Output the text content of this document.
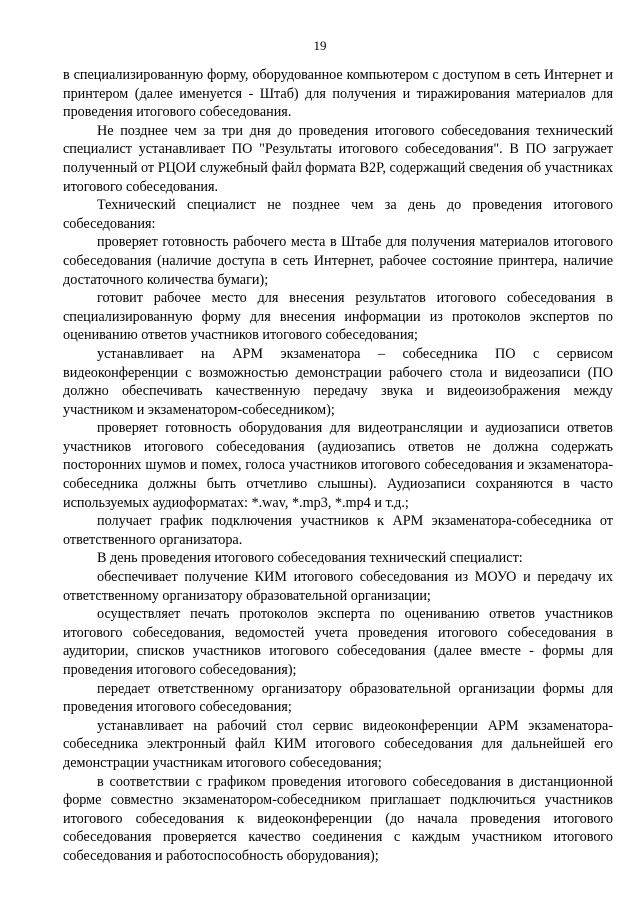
19

в специализированную форму, оборудованное компьютером с доступом в сеть Интернет и принтером (далее именуется - Штаб) для получения и тиражирования материалов для проведения итогового собеседования.

Не позднее чем за три дня до проведения итогового собеседования технический специалист устанавливает ПО "Результаты итогового собеседования". В ПО загружает полученный от РЦОИ служебный файл формата B2P, содержащий сведения об участниках итогового собеседования.

Технический специалист не позднее чем за день до проведения итогового собеседования:

проверяет готовность рабочего места в Штабе для получения материалов итогового собеседования (наличие доступа в сеть Интернет, рабочее состояние принтера, наличие достаточного количества бумаги);

готовит рабочее место для внесения результатов итогового собеседования в специализированную форму для внесения информации из протоколов экспертов по оцениванию ответов участников итогового собеседования;

устанавливает на АРМ экзаменатора – собеседника ПО с сервисом видеоконференции с возможностью демонстрации рабочего стола и видеозаписи (ПО должно обеспечивать качественную передачу звука и видеоизображения между участником и экзаменатором-собеседником);

проверяет готовность оборудования для видеотрансляции и аудиозаписи ответов участников итогового собеседования (аудиозапись ответов не должна содержать посторонних шумов и помех, голоса участников итогового собеседования и экзаменатора-собеседника должны быть отчетливо слышны). Аудиозаписи сохраняются в часто используемых аудиоформатах: *.wav, *.mp3, *.mp4 и т.д.;

получает график подключения участников к АРМ экзаменатора-собеседника от ответственного организатора.

В день проведения итогового собеседования технический специалист:

обеспечивает получение КИМ итогового собеседования из МОУО и передачу их ответственному организатору образовательной организации;

осуществляет печать протоколов эксперта по оцениванию ответов участников итогового собеседования, ведомостей учета проведения итогового собеседования в аудитории, списков участников итогового собеседования (далее вместе - формы для проведения итогового собеседования);

передает ответственному организатору образовательной организации формы для проведения итогового собеседования;

устанавливает на рабочий стол сервис видеоконференции АРМ экзаменатора-собеседника электронный файл КИМ итогового собеседования для дальнейшей его демонстрации участникам итогового собеседования;

в соответствии с графиком проведения итогового собеседования в дистанционной форме совместно экзаменатором-собеседником приглашает подключиться участников итогового собеседования к видеоконференции (до начала проведения итогового собеседования проверяется качество соединения с каждым участником итогового собеседования и работоспособность оборудования);
